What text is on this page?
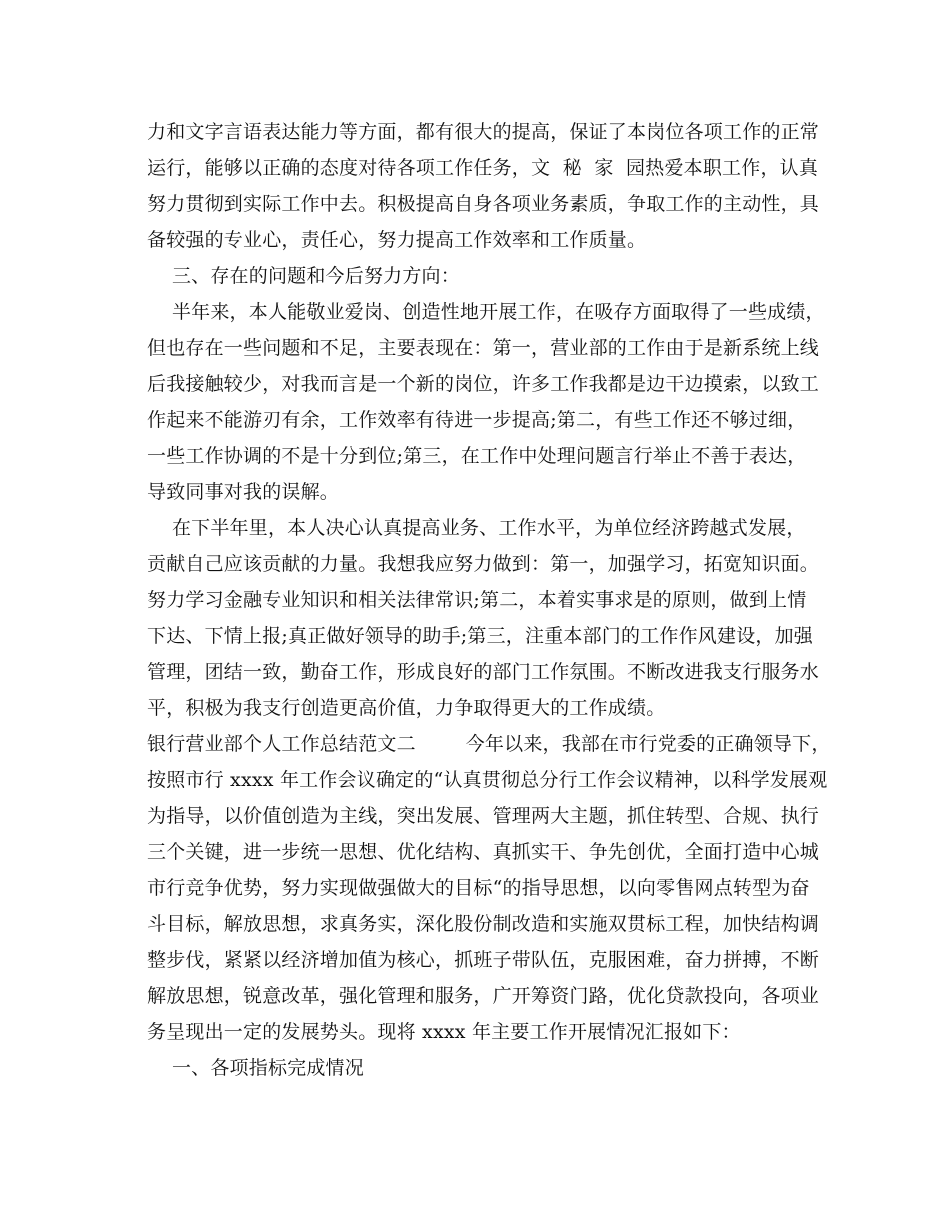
力和文字言语表达能力等方面，都有很大的提高，保证了本岗位各项工作的正常
运行，能够以正确的态度对待各项工作任务，文  秘  家  园热爱本职工作，认真
努力贯彻到实际工作中去。积极提高自身各项业务素质，争取工作的主动性，具
备较强的专业心，责任心，努力提高工作效率和工作质量。
三、存在的问题和今后努力方向：
半年来，本人能敬业爱岗、创造性地开展工作，在吸存方面取得了一些成绩，
但也存在一些问题和不足，主要表现在：第一，营业部的工作由于是新系统上线
后我接触较少，对我而言是一个新的岗位，许多工作我都是边干边摸索，以致工
作起来不能游刃有余，工作效率有待进一步提高;第二，有些工作还不够过细，
一些工作协调的不是十分到位;第三，在工作中处理问题言行举止不善于表达，
导致同事对我的误解。
在下半年里，本人决心认真提高业务、工作水平，为单位经济跨越式发展，
贡献自己应该贡献的力量。我想我应努力做到：第一，加强学习，拓宽知识面。
努力学习金融专业知识和相关法律常识;第二，本着实事求是的原则，做到上情
下达、下情上报;真正做好领导的助手;第三，注重本部门的工作作风建设，加强
管理，团结一致，勤奋工作，形成良好的部门工作氛围。不断改进我支行服务水
平，积极为我支行创造更高价值，力争取得更大的工作成绩。
银行营业部个人工作总结范文二        今年以来，我部在市行党委的正确领导下，
按照市行 xxxx 年工作会议确定的“认真贯彻总分行工作会议精神，以科学发展观
为指导，以价值创造为主线，突出发展、管理两大主题，抓住转型、合规、执行
三个关键，进一步统一思想、优化结构、真抓实干、争先创优，全面打造中心城
市行竞争优势，努力实现做强做大的目标“的指导思想，以向零售网点转型为奋
斗目标，解放思想，求真务实，深化股份制改造和实施双贯标工程，加快结构调
整步伐，紧紧以经济增加值为核心，抓班子带队伍，克服困难，奋力拼搏，不断
解放思想，锐意改革，强化管理和服务，广开筹资门路，优化贷款投向，各项业
务呈现出一定的发展势头。现将 xxxx 年主要工作开展情况汇报如下：
一、各项指标完成情况
